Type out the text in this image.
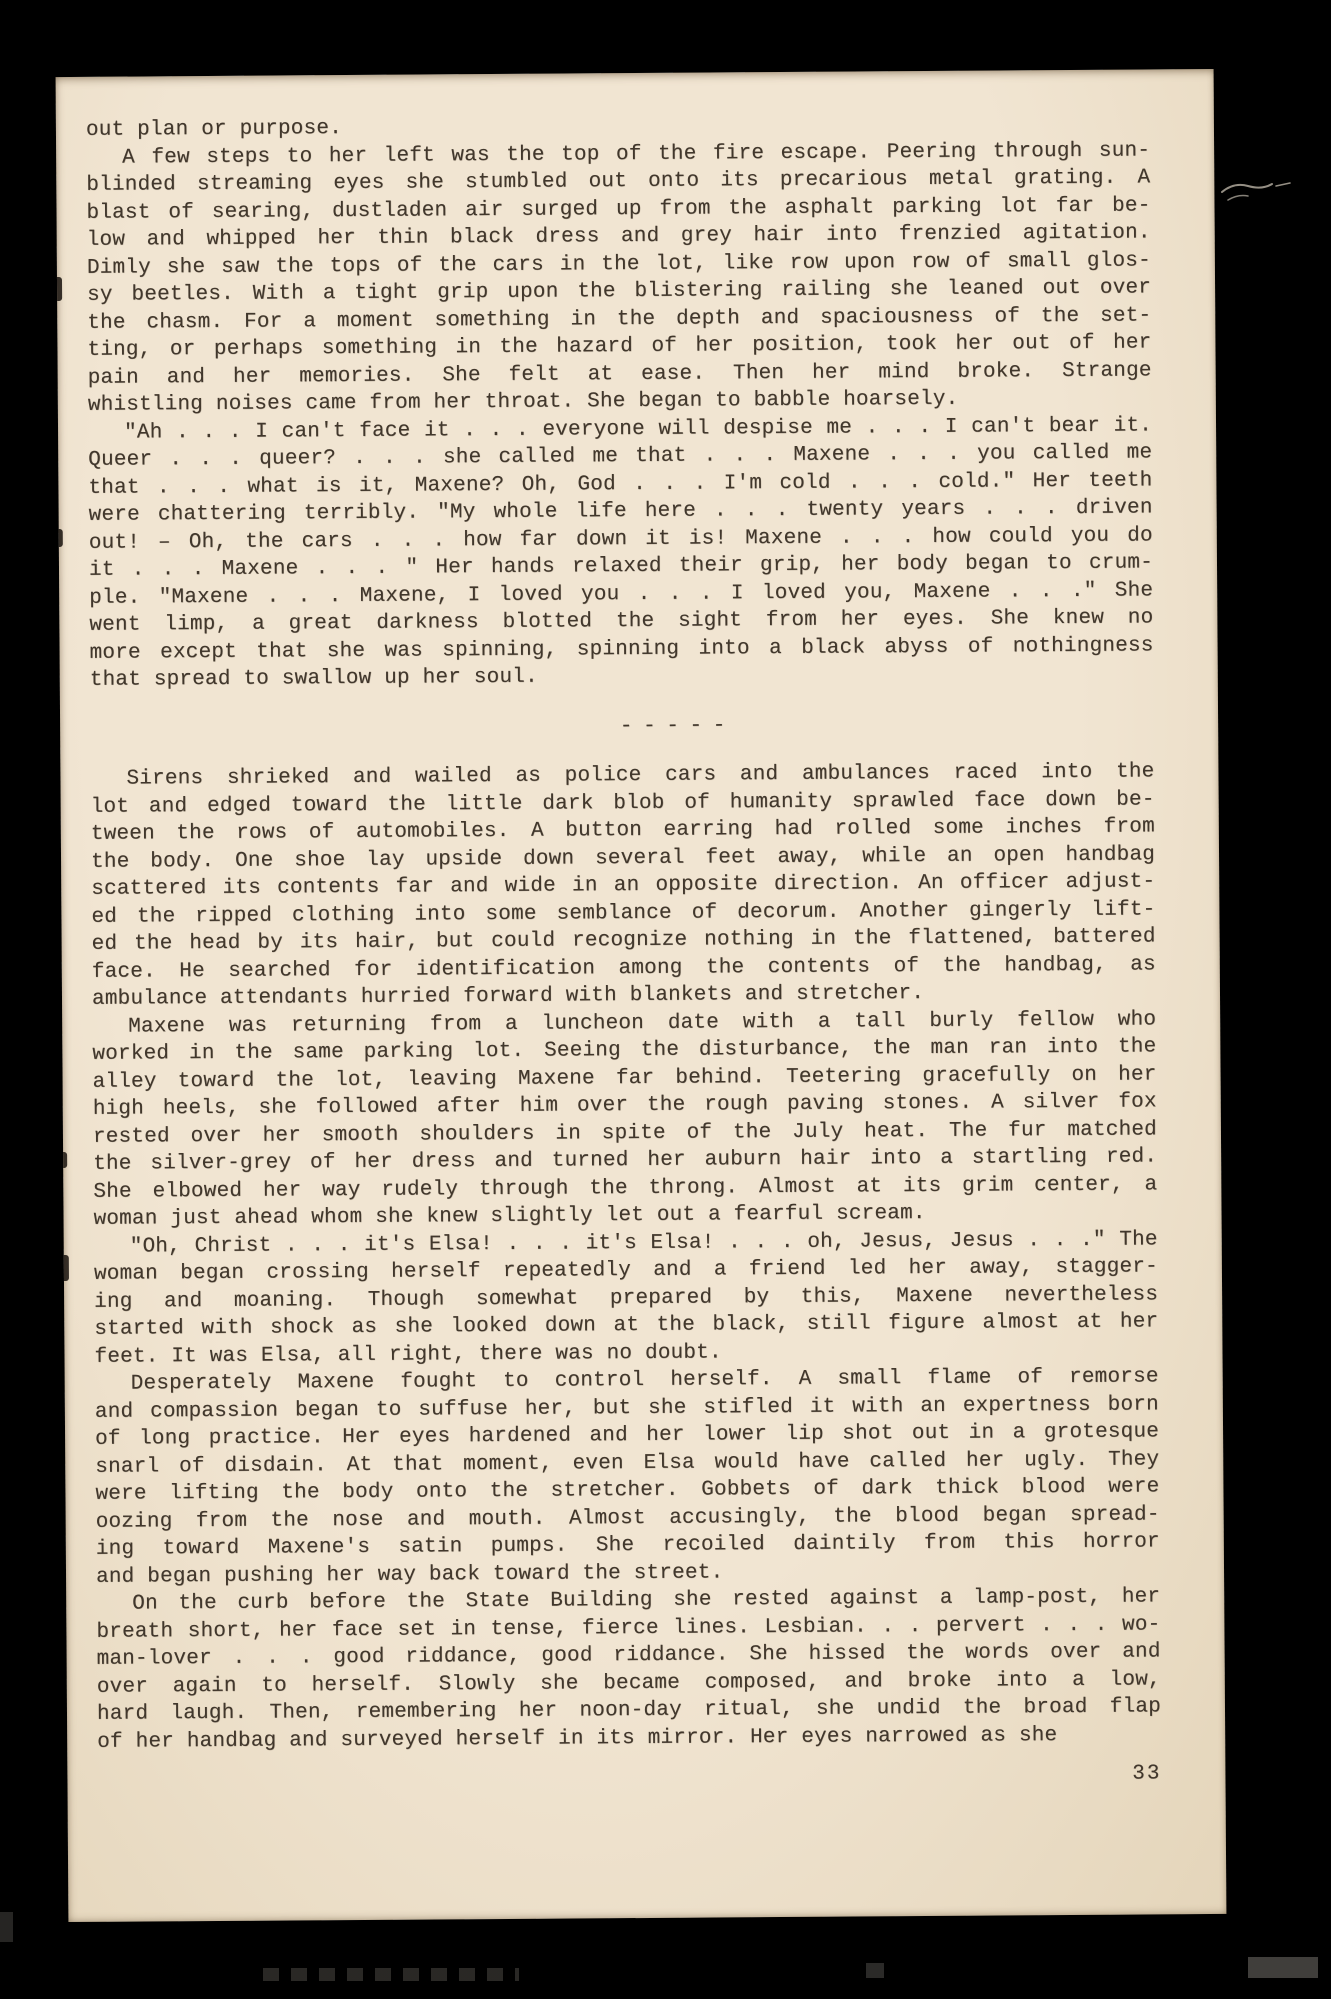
out plan or purpose.
A few steps to her left was the top of the fire escape. Peering through sun-
blinded streaming eyes she stumbled out onto its precarious metal grating. A
blast of searing, dustladen air surged up from the asphalt parking lot far be-
low and whipped her thin black dress and grey hair into frenzied agitation.
Dimly she saw the tops of the cars in the lot, like row upon row of small glos-
sy beetles. With a tight grip upon the blistering railing she leaned out over
the chasm. For a moment something in the depth and spaciousness of the set-
ting, or perhaps something in the hazard of her position, took her out of her
pain and her memories. She felt at ease. Then her mind broke. Strange
whistling noises came from her throat. She began to babble hoarsely.
"Ah . . . I can't face it . . . everyone will despise me . . . I can't bear it.
Queer . . . queer? . . . she called me that . . . Maxene . . . you called me
that . . . what is it, Maxene? Oh, God . . . I'm cold . . . cold." Her teeth
were chattering terribly. "My whole life here . . . twenty years . . . driven
out! – Oh, the cars . . . how far down it is! Maxene . . . how could you do
it . . . Maxene . . . " Her hands relaxed their grip, her body began to crum-
ple. "Maxene . . . Maxene, I loved you . . . I loved you, Maxene . . ." She
went limp, a great darkness blotted the sight from her eyes. She knew no
more except that she was spinning, spinning into a black abyss of nothingness
that spread to swallow up her soul.
- - - - -
Sirens shrieked and wailed as police cars and ambulances raced into the
lot and edged toward the little dark blob of humanity sprawled face down be-
tween the rows of automobiles. A button earring had rolled some inches from
the body. One shoe lay upside down several feet away, while an open handbag
scattered its contents far and wide in an opposite direction. An officer adjust-
ed the ripped clothing into some semblance of decorum. Another gingerly lift-
ed the head by its hair, but could recognize nothing in the flattened, battered
face. He searched for identification among the contents of the handbag, as
ambulance attendants hurried forward with blankets and stretcher.
Maxene was returning from a luncheon date with a tall burly fellow who
worked in the same parking lot. Seeing the disturbance, the man ran into the
alley toward the lot, leaving Maxene far behind. Teetering gracefully on her
high heels, she followed after him over the rough paving stones. A silver fox
rested over her smooth shoulders in spite of the July heat. The fur matched
the silver-grey of her dress and turned her auburn hair into a startling red.
She elbowed her way rudely through the throng. Almost at its grim center, a
woman just ahead whom she knew slightly let out a fearful scream.
"Oh, Christ . . . it's Elsa! . . . it's Elsa! . . . oh, Jesus, Jesus . . ." The
woman began crossing herself repeatedly and a friend led her away, stagger-
ing and moaning. Though somewhat prepared by this, Maxene nevertheless
started with shock as she looked down at the black, still figure almost at her
feet. It was Elsa, all right, there was no doubt.
Desperately Maxene fought to control herself. A small flame of remorse
and compassion began to suffuse her, but she stifled it with an expertness born
of long practice. Her eyes hardened and her lower lip shot out in a grotesque
snarl of disdain. At that moment, even Elsa would have called her ugly. They
were lifting the body onto the stretcher. Gobbets of dark thick blood were
oozing from the nose and mouth. Almost accusingly, the blood began spread-
ing toward Maxene's satin pumps. She recoiled daintily from this horror
and began pushing her way back toward the street.
On the curb before the State Building she rested against a lamp-post, her
breath short, her face set in tense, fierce lines. Lesbian. . . pervert . . . wo-
man-lover . . . good riddance, good riddance. She hissed the words over and
over again to herself. Slowly she became composed, and broke into a low,
hard laugh. Then, remembering her noon-day ritual, she undid the broad flap
of her handbag and surveyed herself in its mirror. Her eyes narrowed as she
33
